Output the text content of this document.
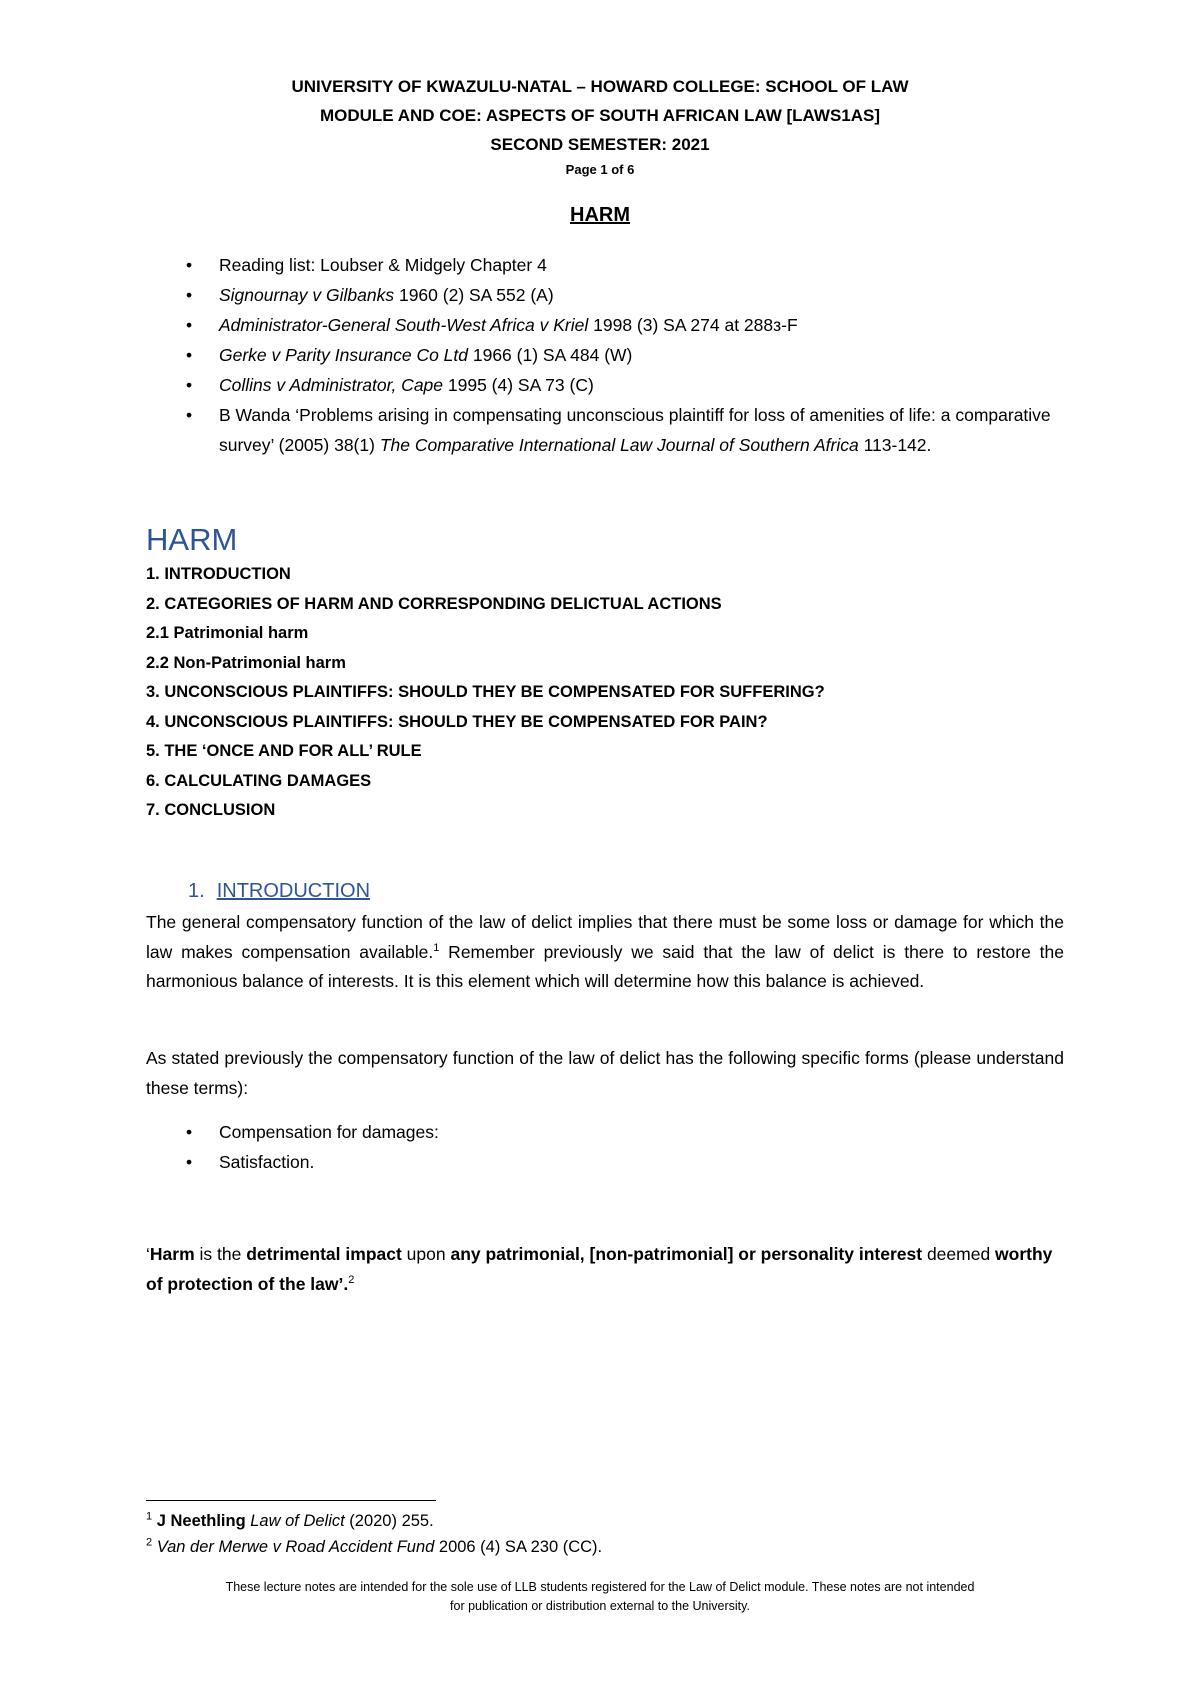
UNIVERSITY OF KWAZULU-NATAL – HOWARD COLLEGE: SCHOOL OF LAW
MODULE AND COE: ASPECTS OF SOUTH AFRICAN LAW [LAWS1AS]
SECOND SEMESTER: 2021
Page 1 of 6
HARM
• Reading list: Loubser & Midgely Chapter 4
• Signournay v Gilbanks 1960 (2) SA 552 (A)
• Administrator-General South-West Africa v Kriel 1998 (3) SA 274 at 288з-F
• Gerke v Parity Insurance Co Ltd 1966 (1) SA 484 (W)
• Collins v Administrator, Cape 1995 (4) SA 73 (C)
• B Wanda ‘Problems arising in compensating unconscious plaintiff for loss of amenities of life: a comparative survey’ (2005) 38(1) The Comparative International Law Journal of Southern Africa 113-142.
HARM
1. INTRODUCTION
2. CATEGORIES OF HARM AND CORRESPONDING DELICTUAL ACTIONS
2.1 Patrimonial harm
2.2 Non-Patrimonial harm
3. UNCONSCIOUS PLAINTIFFS: SHOULD THEY BE COMPENSATED FOR SUFFERING?
4. UNCONSCIOUS PLAINTIFFS: SHOULD THEY BE COMPENSATED FOR PAIN?
5. THE ‘ONCE AND FOR ALL’ RULE
6. CALCULATING DAMAGES
7. CONCLUSION
1. INTRODUCTION

The general compensatory function of the law of delict implies that there must be some loss or damage for which the law makes compensation available.$^1$ Remember previously we said that the law of delict is there to restore the harmonious balance of interests. It is this element which will determine how this balance is achieved.

As stated previously the compensatory function of the law of delict has the following specific forms (please understand these terms):

• Compensation for damages:
• Satisfaction.

‘Harm is the detrimental impact upon any patrimonial, [non-patrimonial] or personality interest deemed worthy of protection of the law’.$^2$

$^1$ J Neethling Law of Delict (2020) 255.
$^2$ Van der Merwe v Road Accident Fund 2006 (4) SA 230 (CC).
These lecture notes are intended for the sole use of LLB students registered for the Law of Delict module. These notes are not intended
for publication or distribution external to the University.
